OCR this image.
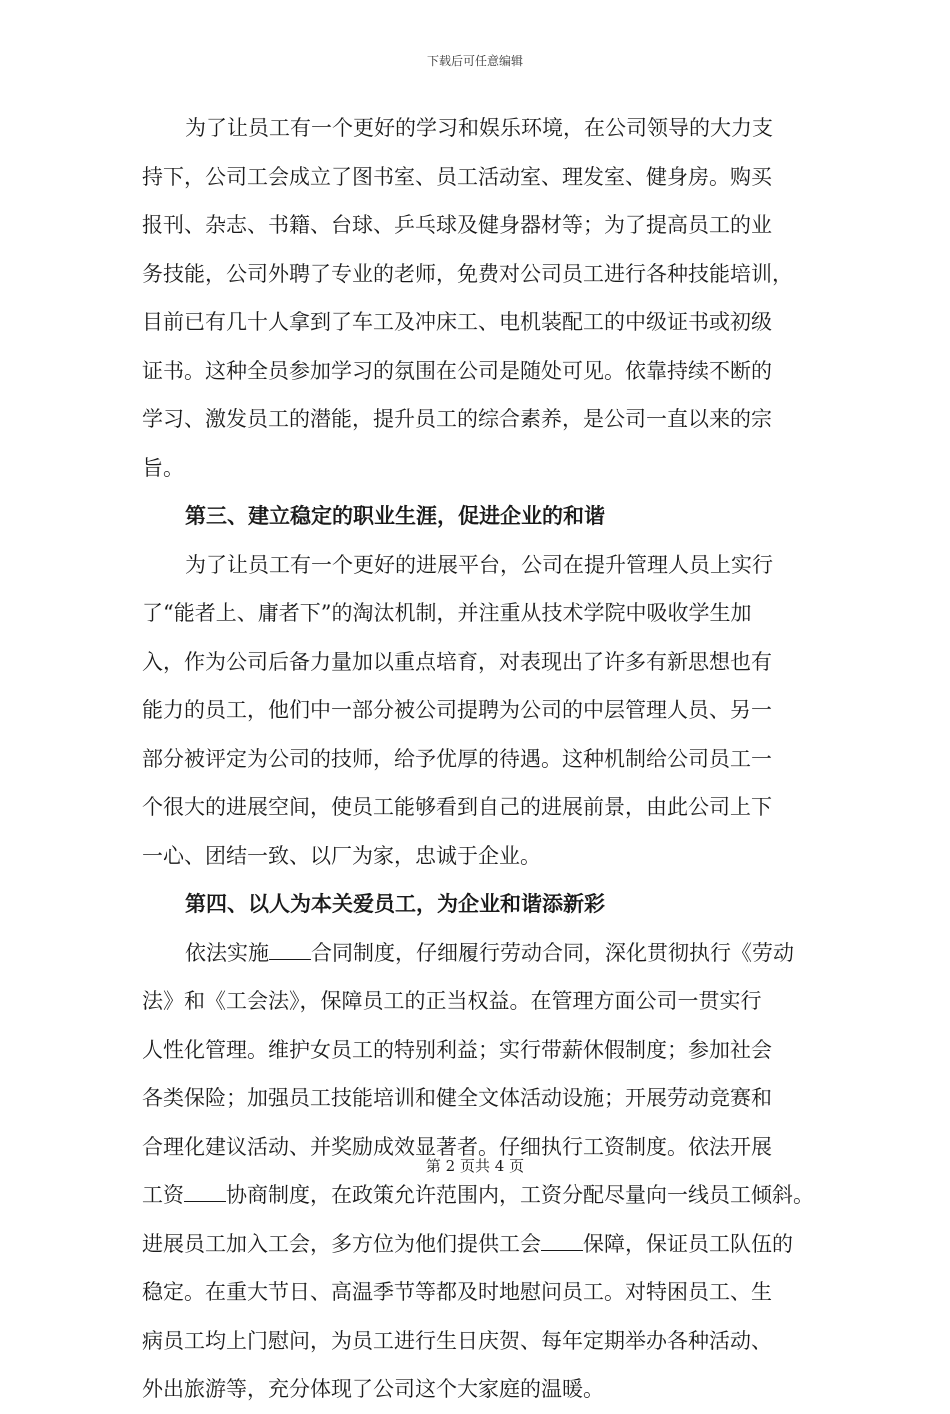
下载后可任意编辑
为了让员工有一个更好的学习和娱乐环境，在公司领导的大力支
持下，公司工会成立了图书室、员工活动室、理发室、健身房。购买
报刊、杂志、书籍、台球、乒乓球及健身器材等；为了提高员工的业
务技能，公司外聘了专业的老师，免费对公司员工进行各种技能培训，
目前已有几十人拿到了车工及冲床工、电机装配工的中级证书或初级
证书。这种全员参加学习的氛围在公司是随处可见。依靠持续不断的
学习、激发员工的潜能，提升员工的综合素养，是公司一直以来的宗
旨。
第三、建立稳定的职业生涯，促进企业的和谐
为了让员工有一个更好的进展平台，公司在提升管理人员上实行
了“能者上、庸者下”的淘汰机制，并注重从技术学院中吸收学生加
入，作为公司后备力量加以重点培育，对表现出了许多有新思想也有
能力的员工，他们中一部分被公司提聘为公司的中层管理人员、另一
部分被评定为公司的技师，给予优厚的待遇。这种机制给公司员工一
个很大的进展空间，使员工能够看到自己的进展前景，由此公司上下
一心、团结一致、以厂为家，忠诚于企业。
第四、以人为本关爱员工，为企业和谐添新彩
依法实施 合同制度，仔细履行劳动合同，深化贯彻执行《劳动
法》和《工会法》，保障员工的正当权益。在管理方面公司一贯实行
人性化管理。维护女员工的特别利益；实行带薪休假制度；参加社会
各类保险；加强员工技能培训和健全文体活动设施；开展劳动竞赛和
合理化建议活动、并奖励成效显著者。仔细执行工资制度。依法开展
工资 协商制度，在政策允许范围内，工资分配尽量向一线员工倾斜。
进展员工加入工会，多方位为他们提供工会 保障，保证员工队伍的
稳定。在重大节日、高温季节等都及时地慰问员工。对特困员工、生
病员工均上门慰问，为员工进行生日庆贺、每年定期举办各种活动、
外出旅游等，充分体现了公司这个大家庭的温暖。
第 2 页共 4 页
